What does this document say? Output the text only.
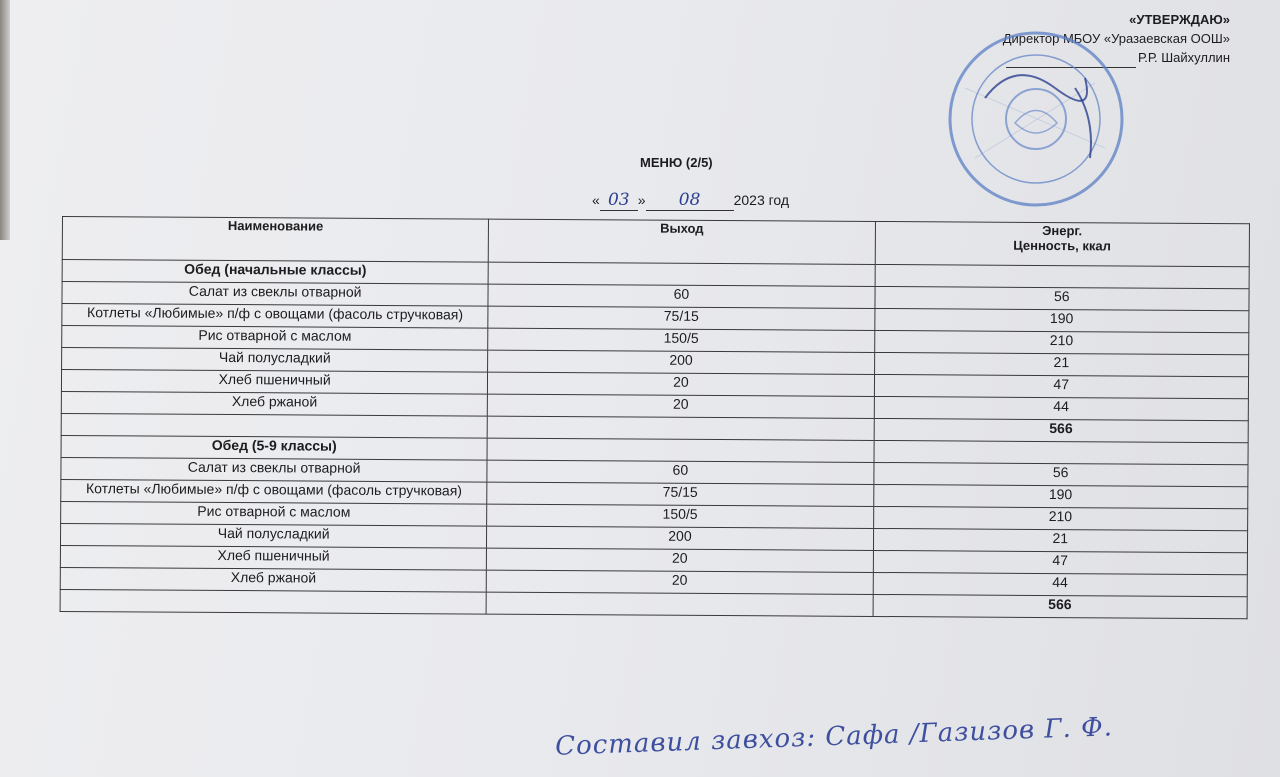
«УТВЕРЖДАЮ»
Директор МБОУ «Уразаевская ООШ»
Р.Р. Шайхуллин
МЕНЮ (2/5)
« 03 » 08 2023 год
Наименование	Выход	Энерг.
Ценность, ккал

Обед (начальные классы)		
Салат из свеклы отварной	60	56
Котлеты «Любимые» п/ф с овощами (фасоль стручковая)	75/15	190
Рис отварной с маслом	150/5	210
Чай полусладкий	200	21
Хлеб пшеничный	20	47
Хлеб ржаной	20	44
		566
Обед (5-9 классы)		
Салат из свеклы отварной	60	56
Котлеты «Любимые» п/ф с овощами (фасоль стручковая)	75/15	190
Рис отварной с маслом	150/5	210
Чай полусладкий	200	21
Хлеб пшеничный	20	47
Хлеб ржаной	20	44
		566
Составил завхоз: Сафа /Газизов Г. Ф.
